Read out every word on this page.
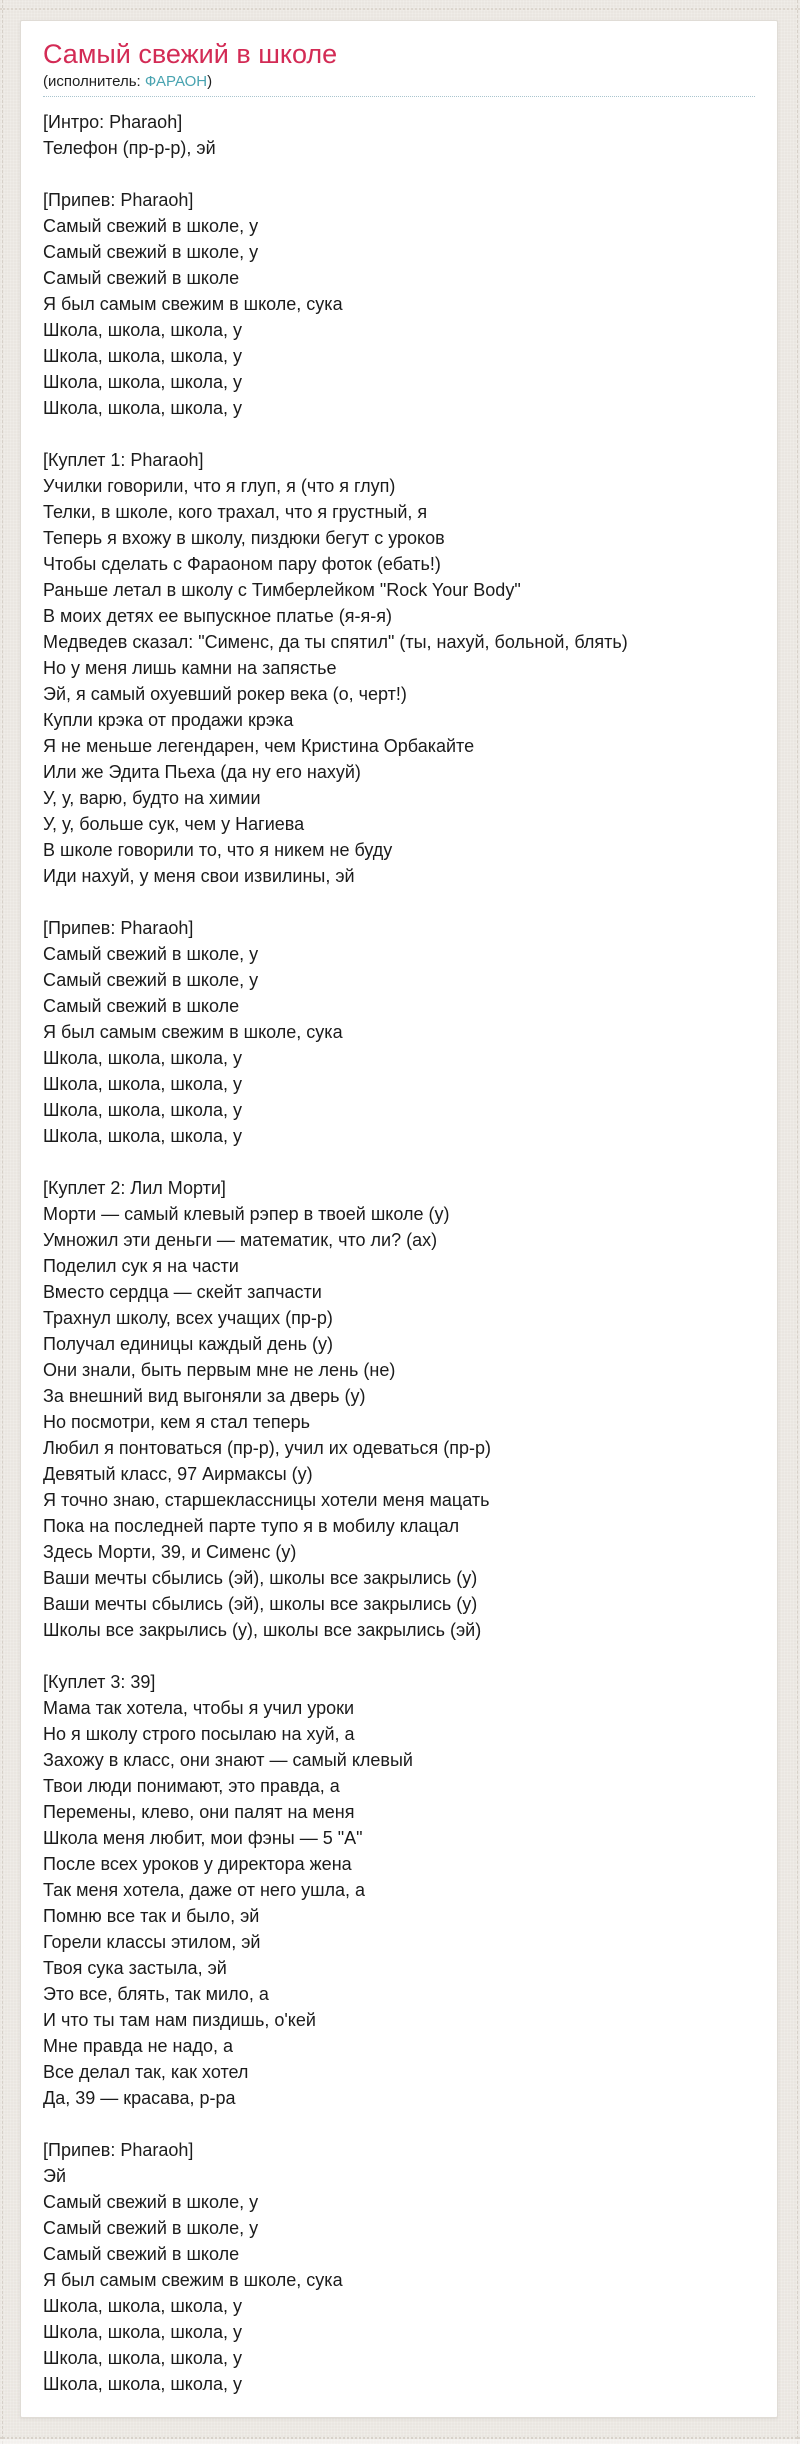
Самый свежий в школе
(исполнитель: ФАРАОН)

[Интро: Pharaoh]

Телефон (пр-р-р), эй

[Припев: Pharaoh]

Самый свежий в школе, у

Самый свежий в школе, у

Самый свежий в школе

Я был самым свежим в школе, сука

Школа, школа, школа, у

Школа, школа, школа, у

Школа, школа, школа, у

Школа, школа, школа, у

[Куплет 1: Pharaoh]

Училки говорили, что я глуп, я (что я глуп)

Телки, в школе, кого трахал, что я грустный, я

Теперь я вхожу в школу, пиздюки бегут с уроков

Чтобы сделать с Фараоном пару фоток (ебать!)

Раньше летал в школу с Тимберлейком "Rock Your Body"

В моих детях ее выпускное платье (я-я-я)

Медведев сказал: "Сименс, да ты спятил" (ты, нахуй, больной, блять)

Но у меня лишь камни на запястье

Эй, я самый охуевший рокер века (о, черт!)

Купли крэка от продажи крэка

Я не меньше легендарен, чем Кристина Орбакайте

Или же Эдита Пьеха (да ну его нахуй)

У, у, варю, будто на химии

У, у, больше сук, чем у Нагиева

В школе говорили то, что я никем не буду

Иди нахуй, у меня свои извилины, эй

[Припев: Pharaoh]

Самый свежий в школе, у

Самый свежий в школе, у

Самый свежий в школе

Я был самым свежим в школе, сука

Школа, школа, школа, у

Школа, школа, школа, у

Школа, школа, школа, у

Школа, школа, школа, у

[Куплет 2: Лил Морти]

Морти — самый клевый рэпер в твоей школе (у)

Умножил эти деньги — математик, что ли? (ах)

Поделил сук я на части

Вместо сердца — скейт запчасти

Трахнул школу, всех учащих (пр-р)

Получал единицы каждый день (у)

Они знали, быть первым мне не лень (не)

За внешний вид выгоняли за дверь (у)

Но посмотри, кем я стал теперь

Любил я понтоваться (пр-р), учил их одеваться (пр-р)

Девятый класс, 97 Аирмаксы (у)

Я точно знаю, старшеклассницы хотели меня мацать

Пока на последней парте тупо я в мобилу клацал

Здесь Морти, 39, и Сименс (у)

Ваши мечты сбылись (эй), школы все закрылись (у)

Ваши мечты сбылись (эй), школы все закрылись (у)

Школы все закрылись (у), школы все закрылись (эй)

[Куплет 3: 39]

Мама так хотела, чтобы я учил уроки

Но я школу строго посылаю на хуй, а

Захожу в класс, они знают — самый клевый

Твои люди понимают, это правда, а

Перемены, клево, они палят на меня

Школа меня любит, мои фэны — 5 "А"

После всех уроков у директора жена

Так меня хотела, даже от него ушла, а

Помню все так и было, эй

Горели классы этилом, эй

Твоя сука застыла, эй

Это все, блять, так мило, а

И что ты там нам пиздишь, о'кей

Мне правда не надо, а

Все делал так, как хотел

Да, 39 — красава, р-ра

[Припев: Pharaoh]

Эй

Самый свежий в школе, у

Самый свежий в школе, у

Самый свежий в школе

Я был самым свежим в школе, сука

Школа, школа, школа, у

Школа, школа, школа, у

Школа, школа, школа, у

Школа, школа, школа, у
